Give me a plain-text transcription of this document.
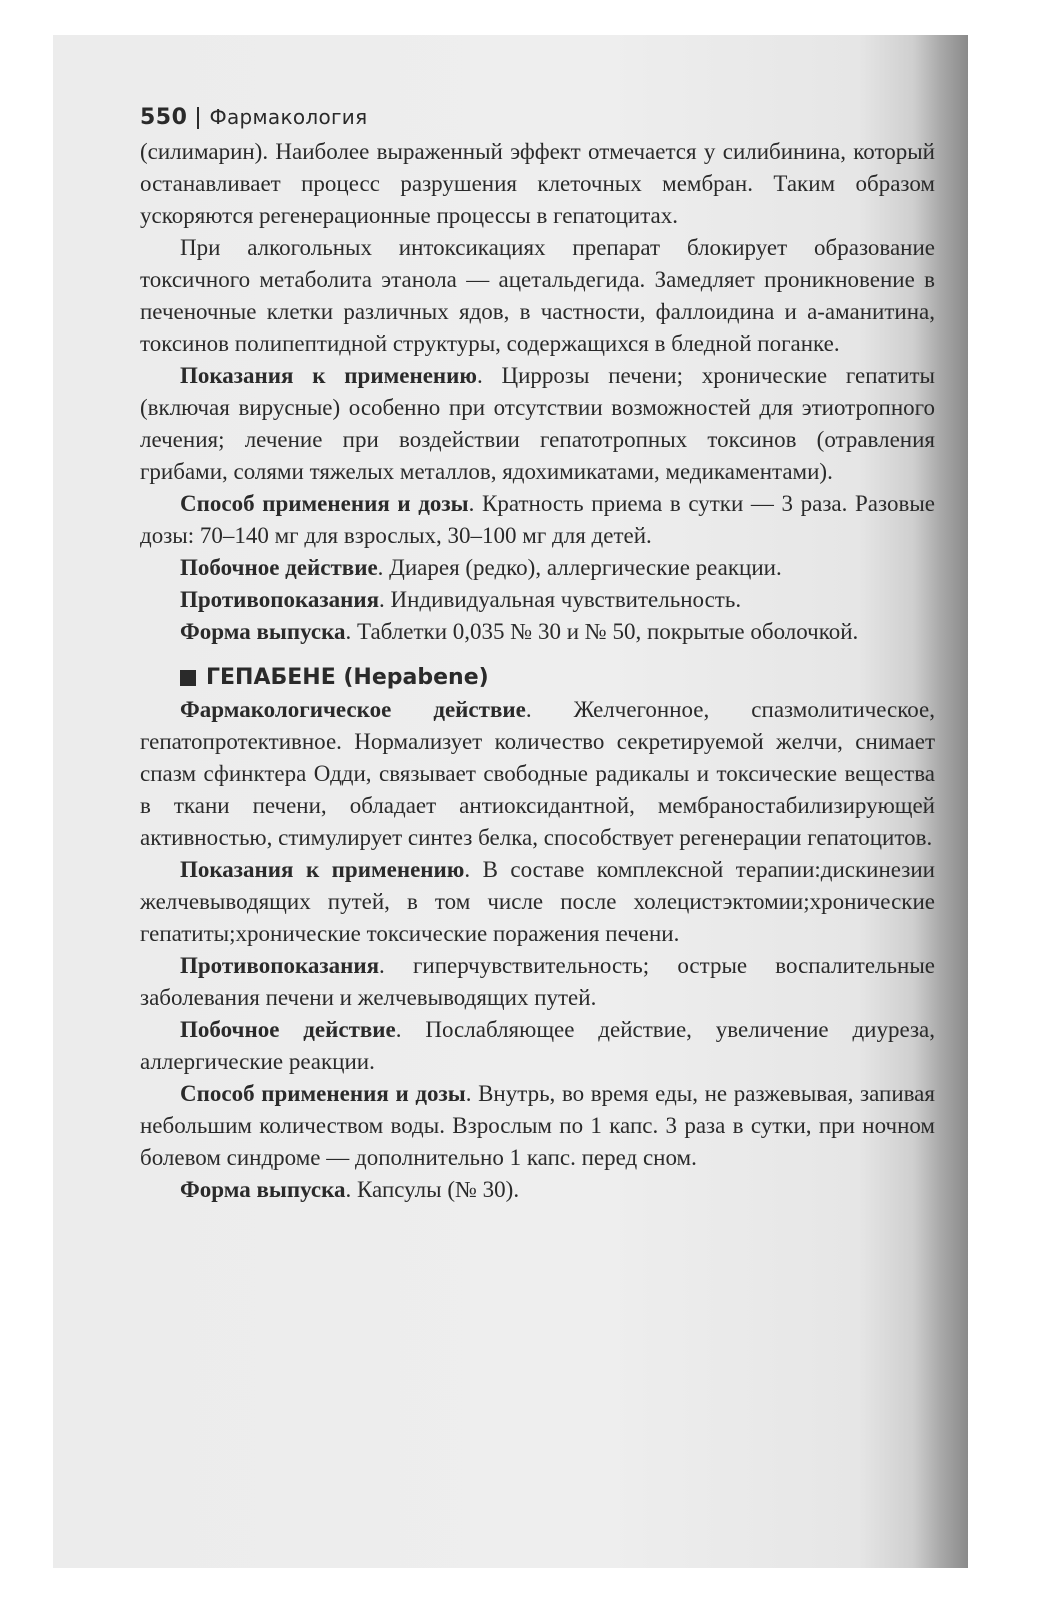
550 Фармакология

(силимарин). Наиболее выраженный эффект отмечается у силибинина, который останавливает процесс разрушения клеточных мембран. Таким образом ускоряются регенерационные процессы в гепатоцитах.

При алкогольных интоксикациях препарат блокирует образование токсичного метаболита этанола — ацетальдегида. Замедляет проникновение в печеночные клетки различных ядов, в частности, фаллоидина и а-аманитина, токсинов полипептидной структуры, содержащихся в бледной поганке.

Показания к применению. Циррозы печени; хронические гепатиты (включая вирусные) особенно при отсутствии возможностей для этиотропного лечения; лечение при воздействии гепатотропных токсинов (отравления грибами, солями тяжелых металлов, ядохимикатами, медикаментами).

Способ применения и дозы. Кратность приема в сутки — 3 раза. Разовые дозы: 70–140 мг для взрослых, 30–100 мг для детей.

Побочное действие. Диарея (редко), аллергические реакции.

Противопоказания. Индивидуальная чувствительность.

Форма выпуска. Таблетки 0,035 № 30 и № 50, покрытые оболочкой.

ГЕПАБЕНЕ (Hepabene)

Фармакологическое действие. Желчегонное, спазмолитическое, гепатопротективное. Нормализует количество секретируемой желчи, снимает спазм сфинктера Одди, связывает свободные радикалы и токсические вещества в ткани печени, обладает антиоксидантной, мембраностабилизирующей активностью, стимулирует синтез белка, способствует регенерации гепатоцитов.

Показания к применению. В составе комплексной терапии:дискинезии желчевыводящих путей, в том числе после холецистэктомии;хронические гепатиты;хронические токсические поражения печени.

Противопоказания. гиперчувствительность; острые воспалительные заболевания печени и желчевыводящих путей.

Побочное действие. Послабляющее действие, увеличение диуреза, аллергические реакции.

Способ применения и дозы. Внутрь, во время еды, не разжевывая, запивая небольшим количеством воды. Взрослым по 1 капс. 3 раза в сутки, при ночном болевом синдроме — дополнительно 1 капс. перед сном.

Форма выпуска. Капсулы (№ 30).
